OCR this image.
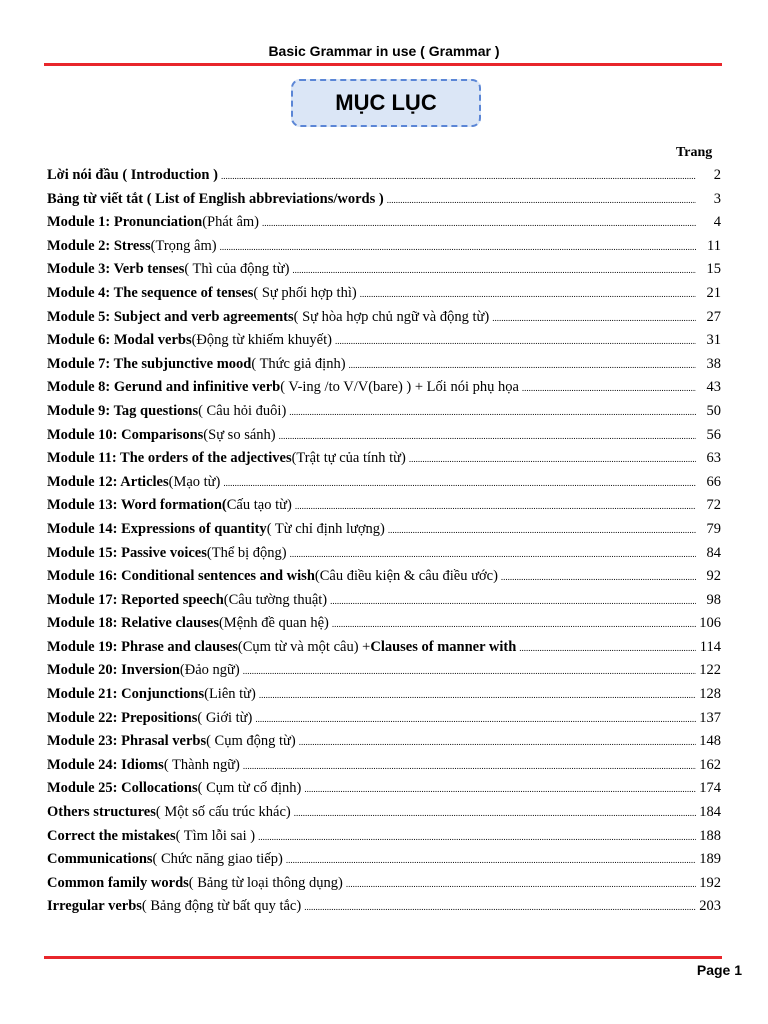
Basic Grammar in use ( Grammar )
MỤC LỤC
Trang
Lời nói đầu ( Introduction ) .....	2
Bảng từ viết tắt ( List of English abbreviations/words ) .....	3
Module 1: Pronunciation (Phát âm) .....	4
Module 2: Stress (Trọng âm) .....	11
Module 3: Verb tenses ( Thì của động từ) .....	15
Module 4: The sequence of tenses ( Sự phối hợp thì) .....	21
Module 5: Subject and verb agreements ( Sự hòa hợp chủ ngữ và động từ) .....	27
Module 6: Modal verbs (Động từ khiếm khuyết) .....	31
Module 7: The subjunctive mood ( Thức giả định) .....	38
Module 8: Gerund and infinitive verb ( V-ing /to V/V(bare) ) + Lối nói phụ họa .....	43
Module 9: Tag questions ( Câu hỏi đuôi) .....	50
Module 10: Comparisons (Sự so sánh) .....	56
Module 11: The orders of the adjectives (Trật tự của tính từ) .....	63
Module 12: Articles (Mạo từ) .....	66
Module 13: Word formation( Cấu tạo từ) .....	72
Module 14: Expressions of quantity ( Từ chỉ định lượng) .....	79
Module 15: Passive voices (Thể bị động) .....	84
Module 16: Conditional sentences and wish (Câu điều kiện & câu điều ước) .....	92
Module 17: Reported speech (Câu tường thuật) .....	98
Module 18: Relative clauses (Mệnh đề quan hệ) .....	106
Module 19: Phrase and clauses (Cụm từ và một câu) + Clauses of manner with .....	114
Module 20: Inversion (Đảo ngữ) .....	122
Module 21: Conjunctions (Liên từ) .....	128
Module 22: Prepositions ( Giới từ) .....	137
Module 23: Phrasal verbs ( Cụm động từ) .....	148
Module 24: Idioms ( Thành ngữ) .....	162
Module 25: Collocations ( Cụm từ cố định) .....	174
Others structures ( Một số cấu trúc khác) .....	184
Correct the mistakes ( Tìm lỗi sai ) .....	188
Communications ( Chức năng giao tiếp) .....	189
Common family words ( Bảng từ loại thông dụng) .....	192
Irregular verbs ( Bảng động từ bất quy tắc) .....	203
Page 1
